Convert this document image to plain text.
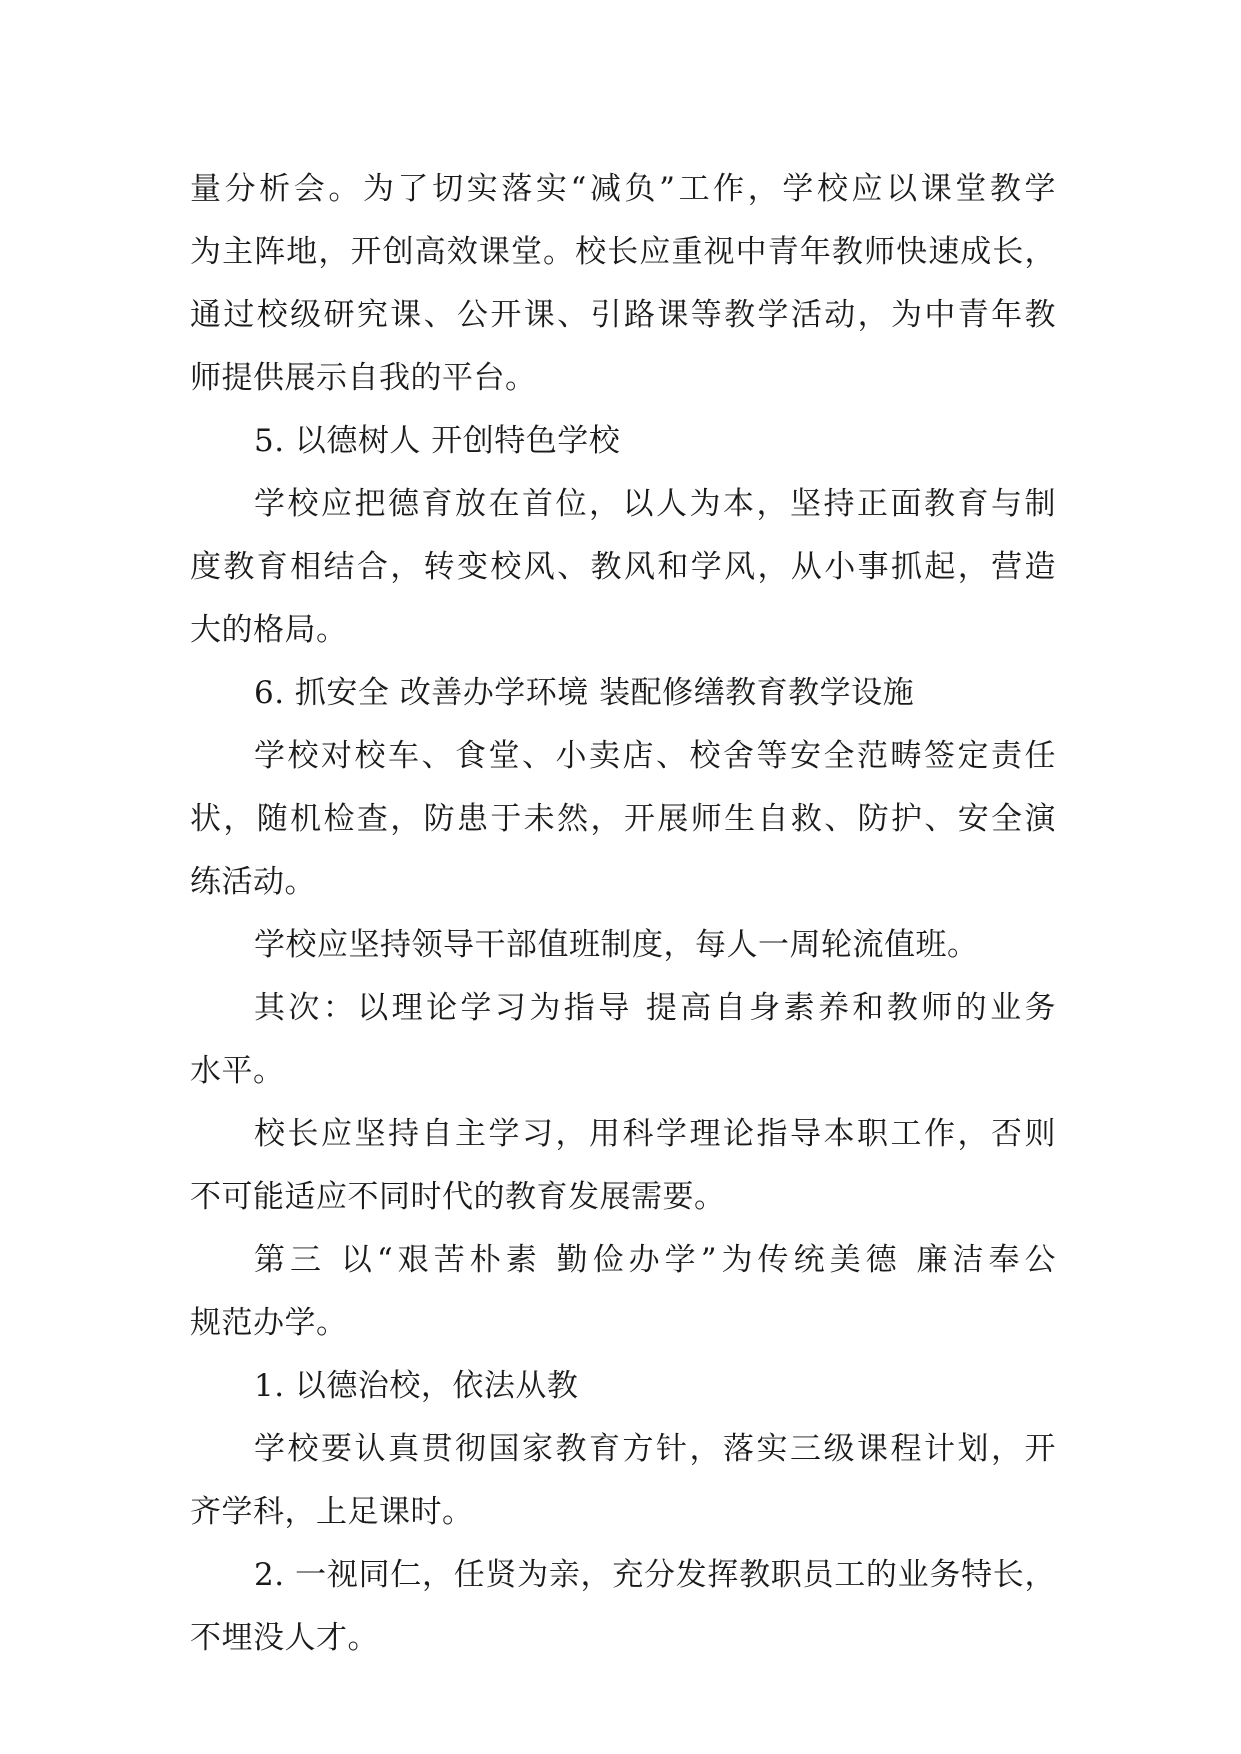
量分析会。为了切实落实“减负”工作，学校应以课堂教学
为主阵地，开创高效课堂。校长应重视中青年教师快速成长，
通过校级研究课、公开课、引路课等教学活动，为中青年教
师提供展示自我的平台。
5. 以德树人 开创特色学校
学校应把德育放在首位，以人为本，坚持正面教育与制
度教育相结合，转变校风、教风和学风，从小事抓起，营造
大的格局。
6. 抓安全 改善办学环境 装配修缮教育教学设施
学校对校车、食堂、小卖店、校舍等安全范畴签定责任
状，随机检查，防患于未然，开展师生自救、防护、安全演
练活动。
学校应坚持领导干部值班制度，每人一周轮流值班。
其次：以理论学习为指导 提高自身素养和教师的业务
水平。
校长应坚持自主学习，用科学理论指导本职工作，否则
不可能适应不同时代的教育发展需要。
第三 以“艰苦朴素 勤俭办学”为传统美德 廉洁奉公
规范办学。
1. 以德治校，依法从教
学校要认真贯彻国家教育方针，落实三级课程计划，开
齐学科，上足课时。
2. 一视同仁，任贤为亲，充分发挥教职员工的业务特长，
不埋没人才。
